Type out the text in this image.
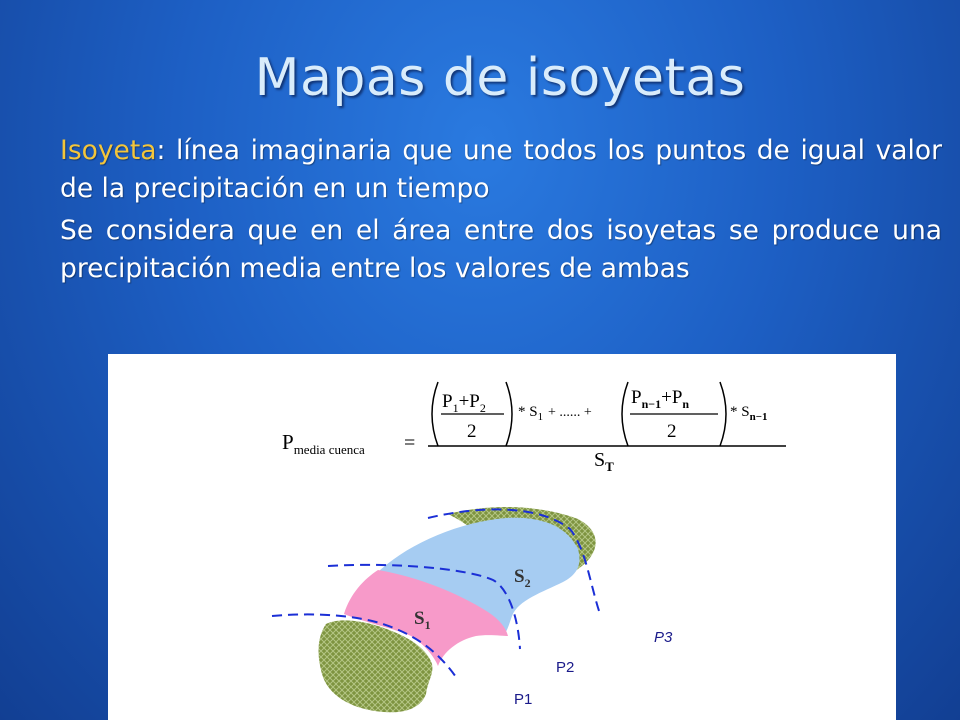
Mapas de isoyetas

Isoyeta: línea imaginaria que une todos los puntos de igual valor de la precipitación en un tiempo

Se considera que en el área entre dos isoyetas se produce una precipitación media entre los valores de ambas

$P_{media cuenca}$ =
$P_1+P_2$
2
* $S_1$ + ...... +
$P_{n-1}+P_n$
2
* $S_{n-1}$
$S_T$
$S_2$
$S_1$
P3
P2
P1
